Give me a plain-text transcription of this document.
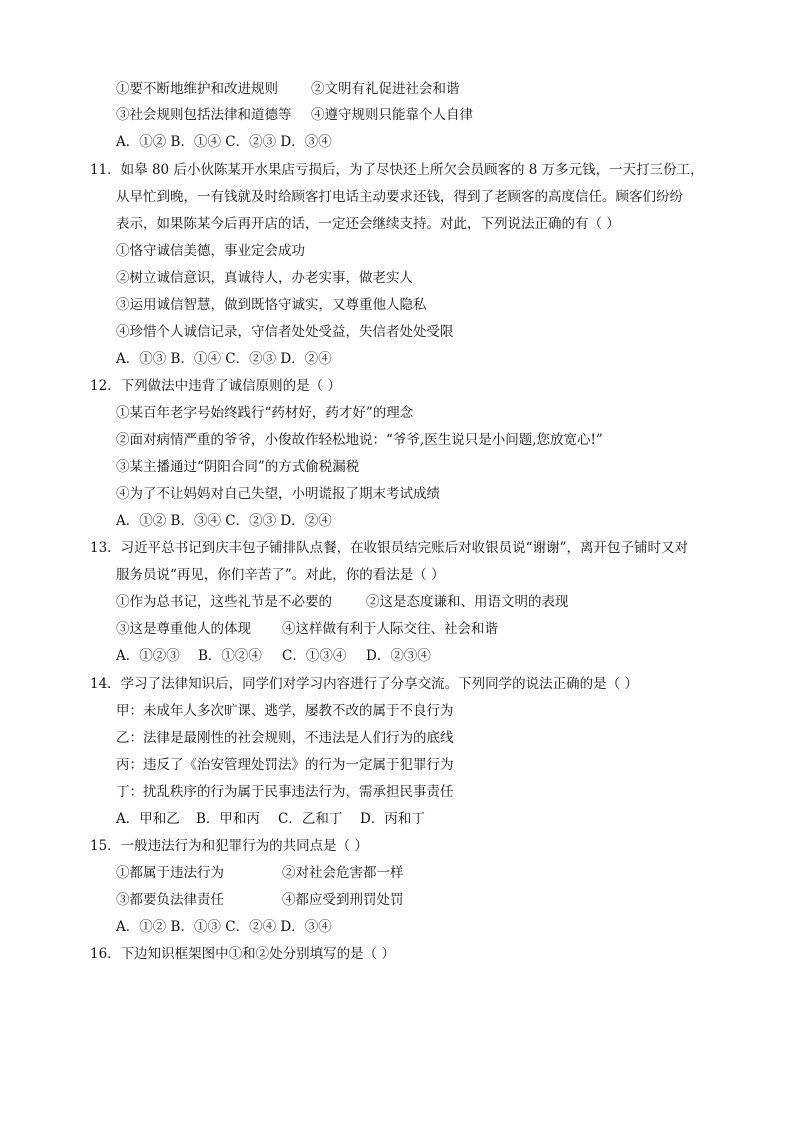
①要不断地维护和改进规则 ②文明有礼促进社会和谐
③社会规则包括法律和道德等 ④遵守规则只能靠个人自律
A．①② B．①④ C．②③ D．③④
11．如皋 80 后小伙陈某开水果店亏损后，为了尽快还上所欠会员顾客的 8 万多元钱，一天打三份工，
从早忙到晚，一有钱就及时给顾客打电话主动要求还钱，得到了老顾客的高度信任。顾客们纷纷
表示，如果陈某今后再开店的话，一定还会继续支持。对此，下列说法正确的有（ ）
①恪守诚信美德，事业定会成功
②树立诚信意识，真诚待人，办老实事，做老实人
③运用诚信智慧，做到既恪守诚实，又尊重他人隐私
④珍惜个人诚信记录，守信者处处受益，失信者处处受限
A．①③ B．①④ C．②③ D．②④
12．下列做法中违背了诚信原则的是（ ）
①某百年老字号始终践行“药材好，药才好”的理念
②面对病情严重的爷爷，小俊故作轻松地说：“爷爷,医生说只是小问题,您放宽心!”
③某主播通过“阴阳合同”的方式偷税漏税
④为了不让妈妈对自己失望，小明谎报了期末考试成绩
A．①② B．③④ C．②③ D．②④
13．习近平总书记到庆丰包子铺排队点餐，在收银员结完账后对收银员说“谢谢”，离开包子铺时又对
服务员说“再见，你们辛苦了”。对此，你的看法是（ ）
①作为总书记，这些礼节是不必要的	②这是态度谦和、用语文明的表现
③这是尊重他人的体现 ④这样做有利于人际交往、社会和谐
A．①②③ B．①②④ C．①③④ D．②③④
14．学习了法律知识后，同学们对学习内容进行了分享交流。下列同学的说法正确的是（ ）
甲：未成年人多次旷课、逃学，屡教不改的属于不良行为
乙：法律是最刚性的社会规则，不违法是人们行为的底线
丙：违反了《治安管理处罚法》的行为一定属于犯罪行为
丁：扰乱秩序的行为属于民事违法行为，需承担民事责任
A．甲和乙 B．甲和丙 C．乙和丁 D．丙和丁
15．一般违法行为和犯罪行为的共同点是（ ）
①都属于违法行为	②对社会危害都一样
③都要负法律责任	④都应受到刑罚处罚
A．①② B．①③ C．②④ D．③④
16．下边知识框架图中①和②处分别填写的是（ ）
